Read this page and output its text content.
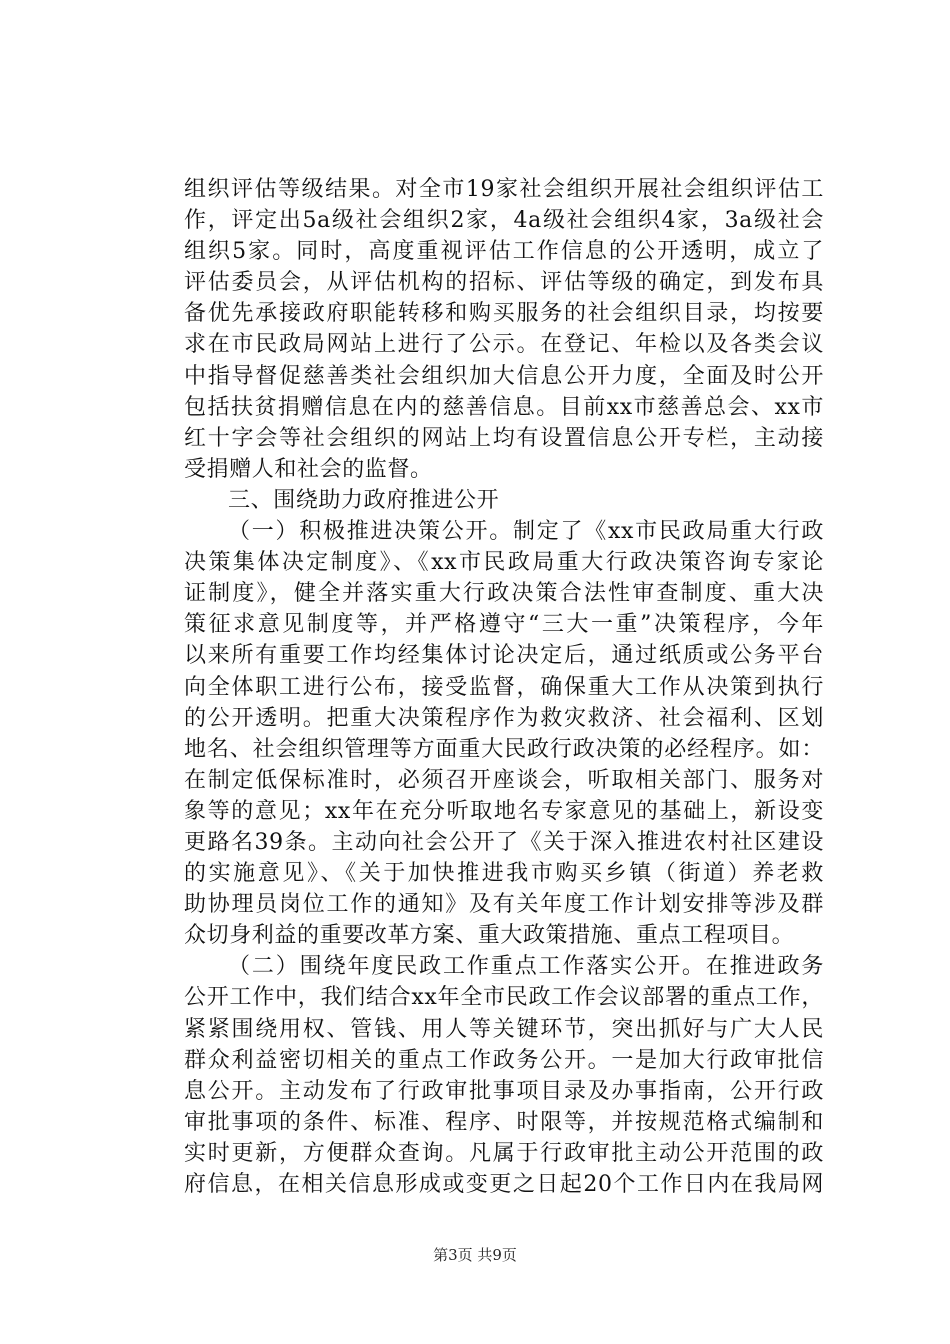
组织评估等级结果。对全市19家社会组织开展社会组织评估工
作，评定出5a级社会组织2家，4a级社会组织4家，3a级社会
组织5家。同时，高度重视评估工作信息的公开透明，成立了
评估委员会，从评估机构的招标、评估等级的确定，到发布具
备优先承接政府职能转移和购买服务的社会组织目录，均按要
求在市民政局网站上进行了公示。在登记、年检以及各类会议
中指导督促慈善类社会组织加大信息公开力度，全面及时公开
包括扶贫捐赠信息在内的慈善信息。目前xx市慈善总会、xx市
红十字会等社会组织的网站上均有设置信息公开专栏，主动接
受捐赠人和社会的监督。
三、围绕助力政府推进公开
（一）积极推进决策公开。制定了《xx市民政局重大行政
决策集体决定制度》、《xx市民政局重大行政决策咨询专家论
证制度》，健全并落实重大行政决策合法性审查制度、重大决
策征求意见制度等，并严格遵守“三大一重”决策程序，今年
以来所有重要工作均经集体讨论决定后，通过纸质或公务平台
向全体职工进行公布，接受监督，确保重大工作从决策到执行
的公开透明。把重大决策程序作为救灾救济、社会福利、区划
地名、社会组织管理等方面重大民政行政决策的必经程序。如：
在制定低保标准时，必须召开座谈会，听取相关部门、服务对
象等的意见；xx年在充分听取地名专家意见的基础上，新设变
更路名39条。主动向社会公开了《关于深入推进农村社区建设
的实施意见》、《关于加快推进我市购买乡镇（街道）养老救
助协理员岗位工作的通知》及有关年度工作计划安排等涉及群
众切身利益的重要改革方案、重大政策措施、重点工程项目。
（二）围绕年度民政工作重点工作落实公开。在推进政务
公开工作中，我们结合xx年全市民政工作会议部署的重点工作，
紧紧围绕用权、管钱、用人等关键环节，突出抓好与广大人民
群众利益密切相关的重点工作政务公开。一是加大行政审批信
息公开。主动发布了行政审批事项目录及办事指南，公开行政
审批事项的条件、标准、程序、时限等，并按规范格式编制和
实时更新，方便群众查询。凡属于行政审批主动公开范围的政
府信息，在相关信息形成或变更之日起20个工作日内在我局网
第3页 共9页
